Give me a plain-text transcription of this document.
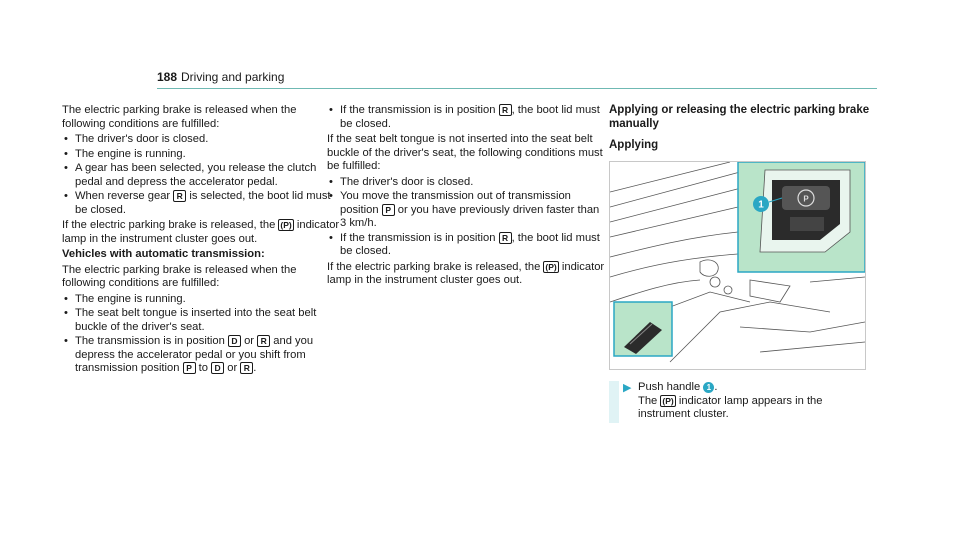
188 Driving and parking

The electric parking brake is released when the following conditions are fulfilled:

• The driver's door is closed.
• The engine is running.
• A gear has been selected, you release the clutch pedal and depress the accelerator pedal.
• When reverse gear R is selected, the boot lid must be closed.

If the electric parking brake is released, the (P) indicator lamp in the instrument cluster goes out.

Vehicles with automatic transmission:

The electric parking brake is released when the following conditions are fulfilled:

• The engine is running.
• The seat belt tongue is inserted into the seat belt buckle of the driver's seat.
• The transmission is in position D or R and you depress the accelerator pedal or you shift from transmission position P to D or R .
• If the transmission is in position R , the boot lid must be closed.

If the seat belt tongue is not inserted into the seat belt buckle of the driver's seat, the following conditions must be fulfilled:

• The driver's door is closed.
• You move the transmission out of transmission position P or you have previously driven faster than 3 km/h.
• If the transmission is in position R , the boot lid must be closed.

If the electric parking brake is released, the (P) indicator lamp in the instrument cluster goes out.

Applying or releasing the electric parking brake manually
Applying
P
1
▶ Push handle 1 .
The (P) indicator lamp appears in the instrument cluster.
